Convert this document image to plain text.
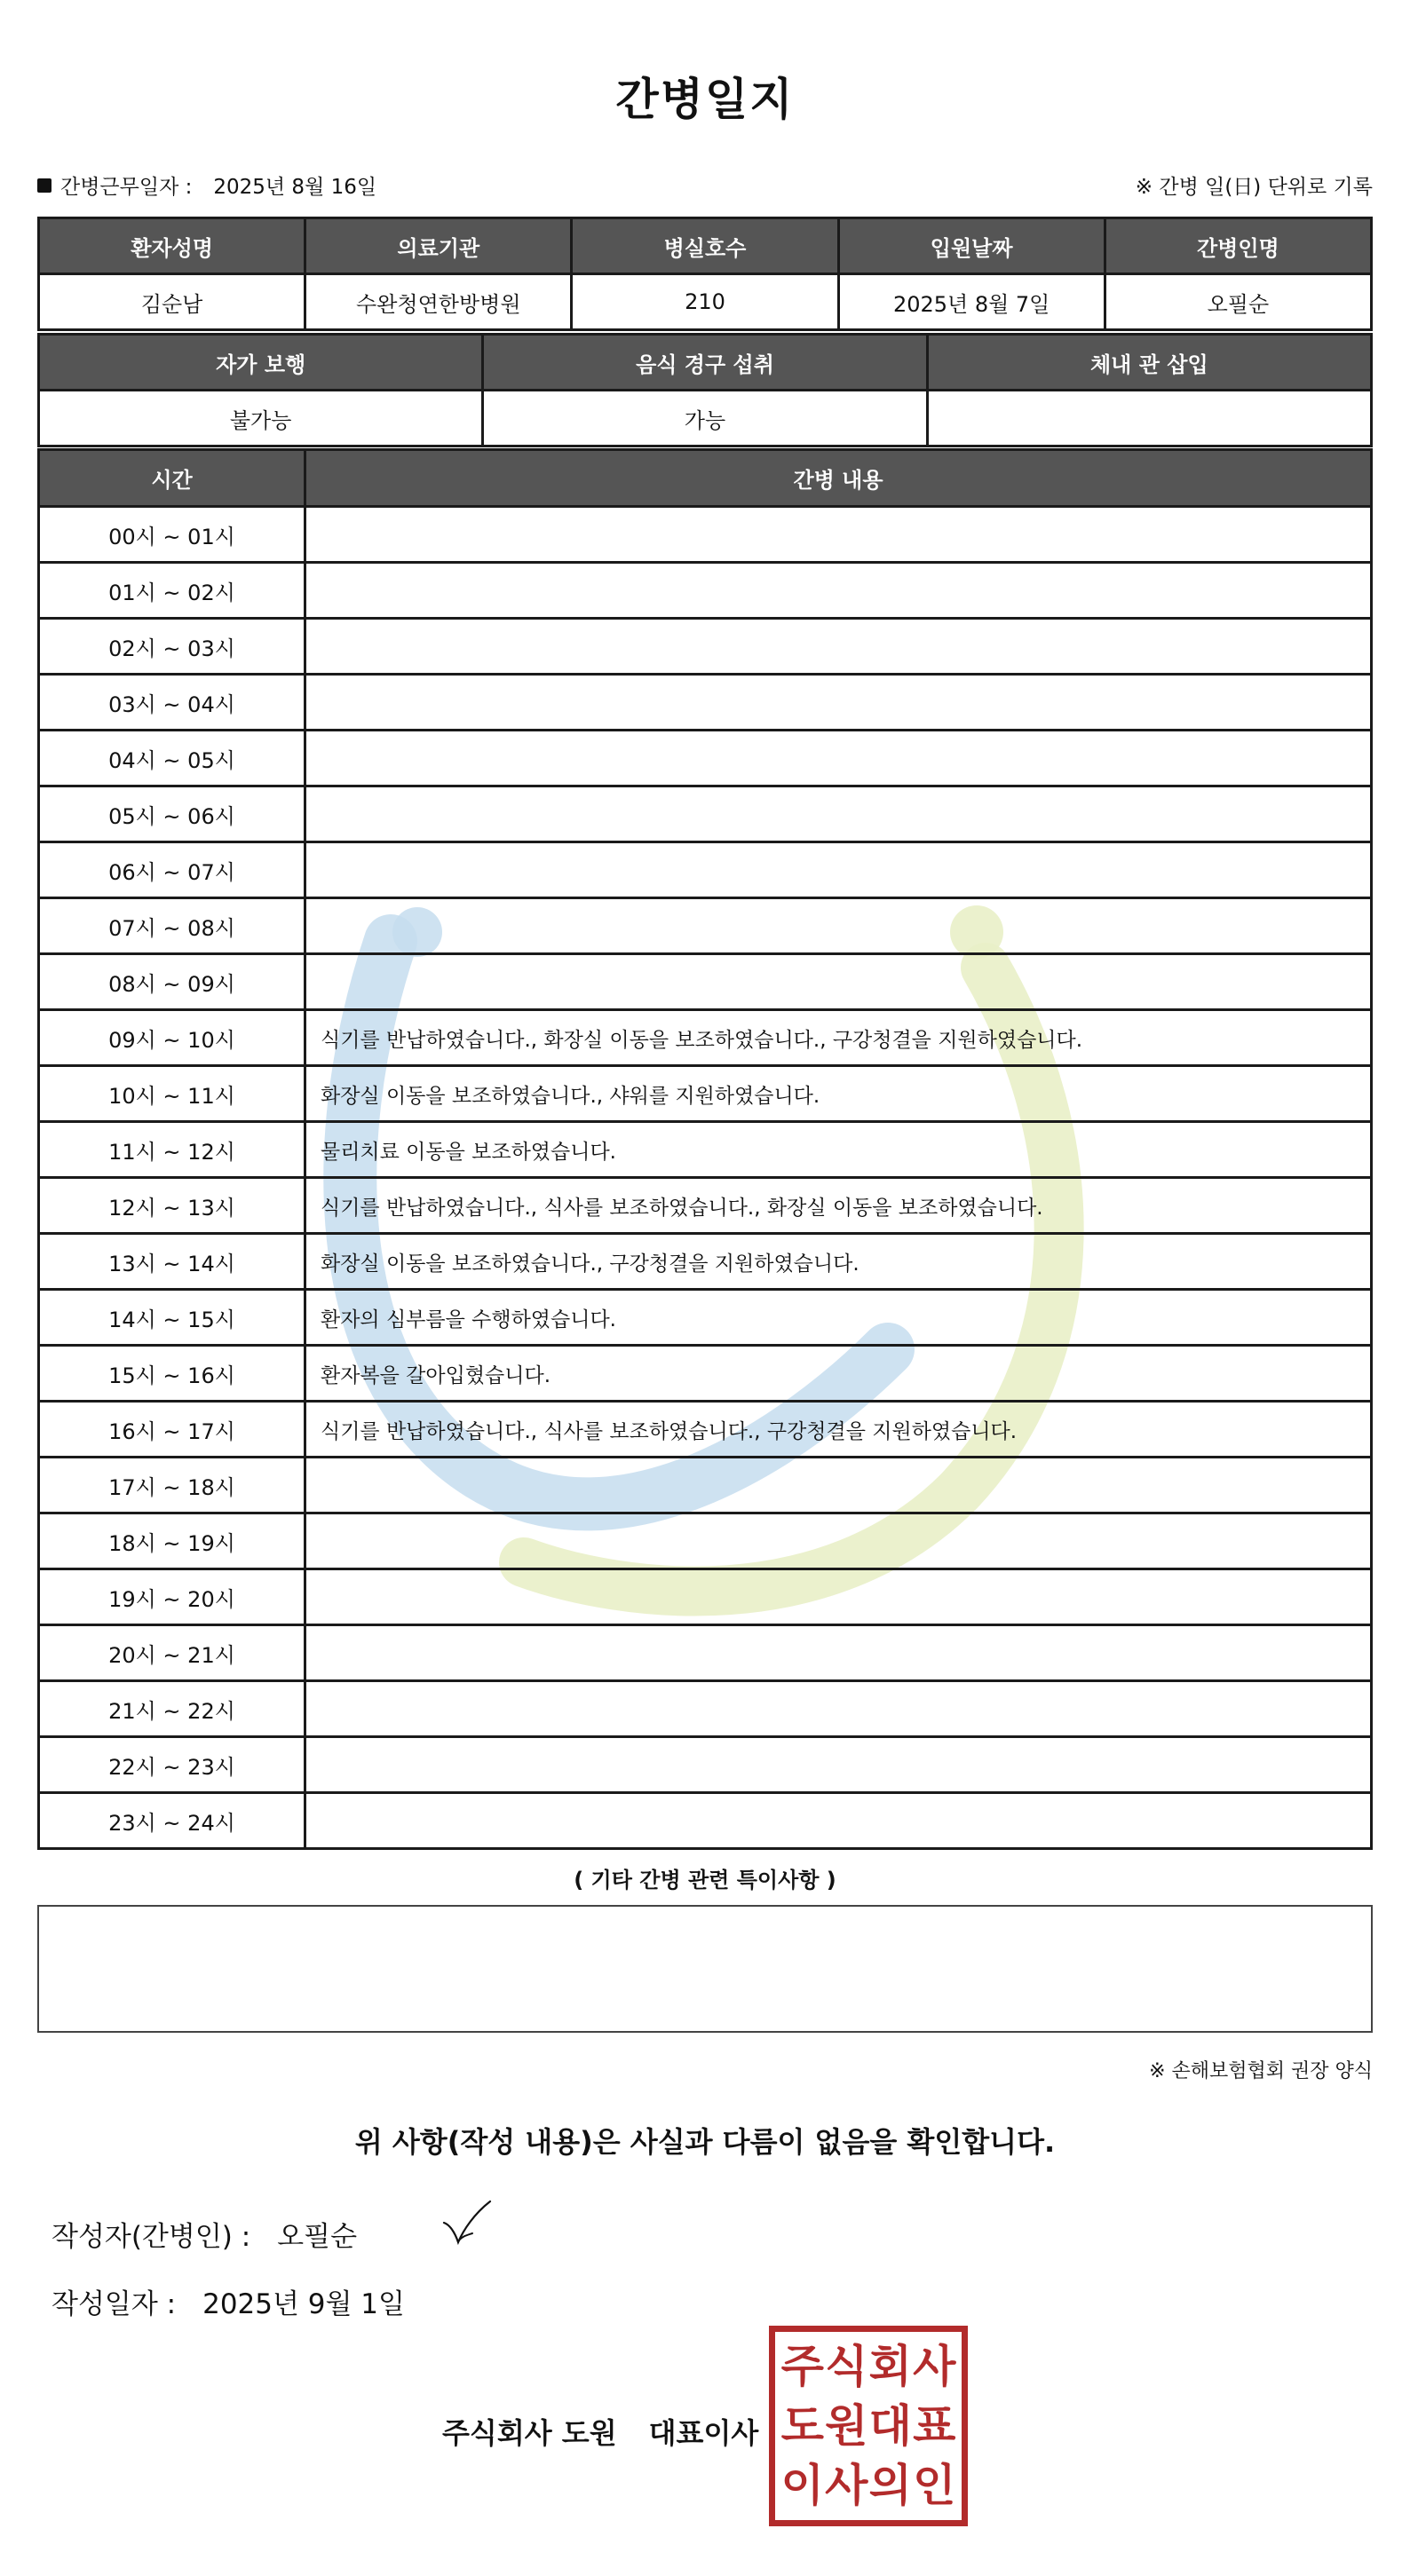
간병일지
간병근무일자 : 2025년 8월 16일	※ 간병 일(日) 단위로 기록
환자성명	의료기관	병실호수	입원날짜	간병인명
김순남	수완청연한방병원	210	2025년 8월 7일	오필순
자가 보행	음식 경구 섭취	체내 관 삽입
불가능	가능	
시간	간병 내용
00시 ~ 01시	
01시 ~ 02시	
02시 ~ 03시	
03시 ~ 04시	
04시 ~ 05시	
05시 ~ 06시	
06시 ~ 07시	
07시 ~ 08시	
08시 ~ 09시	
09시 ~ 10시	식기를 반납하였습니다., 화장실 이동을 보조하였습니다., 구강청결을 지원하였습니다.
10시 ~ 11시	화장실 이동을 보조하였습니다., 샤워를 지원하였습니다.
11시 ~ 12시	물리치료 이동을 보조하였습니다.
12시 ~ 13시	식기를 반납하였습니다., 식사를 보조하였습니다., 화장실 이동을 보조하였습니다.
13시 ~ 14시	화장실 이동을 보조하였습니다., 구강청결을 지원하였습니다.
14시 ~ 15시	환자의 심부름을 수행하였습니다.
15시 ~ 16시	환자복을 갈아입혔습니다.
16시 ~ 17시	식기를 반납하였습니다., 식사를 보조하였습니다., 구강청결을 지원하였습니다.
17시 ~ 18시	
18시 ~ 19시	
19시 ~ 20시	
20시 ~ 21시	
21시 ~ 22시	
22시 ~ 23시	
23시 ~ 24시	
( 기타 간병 관련 특이사항 )
※ 손해보험협회 권장 양식
위 사항(작성 내용)은 사실과 다름이 없음을 확인합니다.
작성자(간병인) : 오필순
작성일자 : 2025년 9월 1일
주식회사 도원 대표이사
주 식 회 사
도 원 대 표
이 사 의 인
